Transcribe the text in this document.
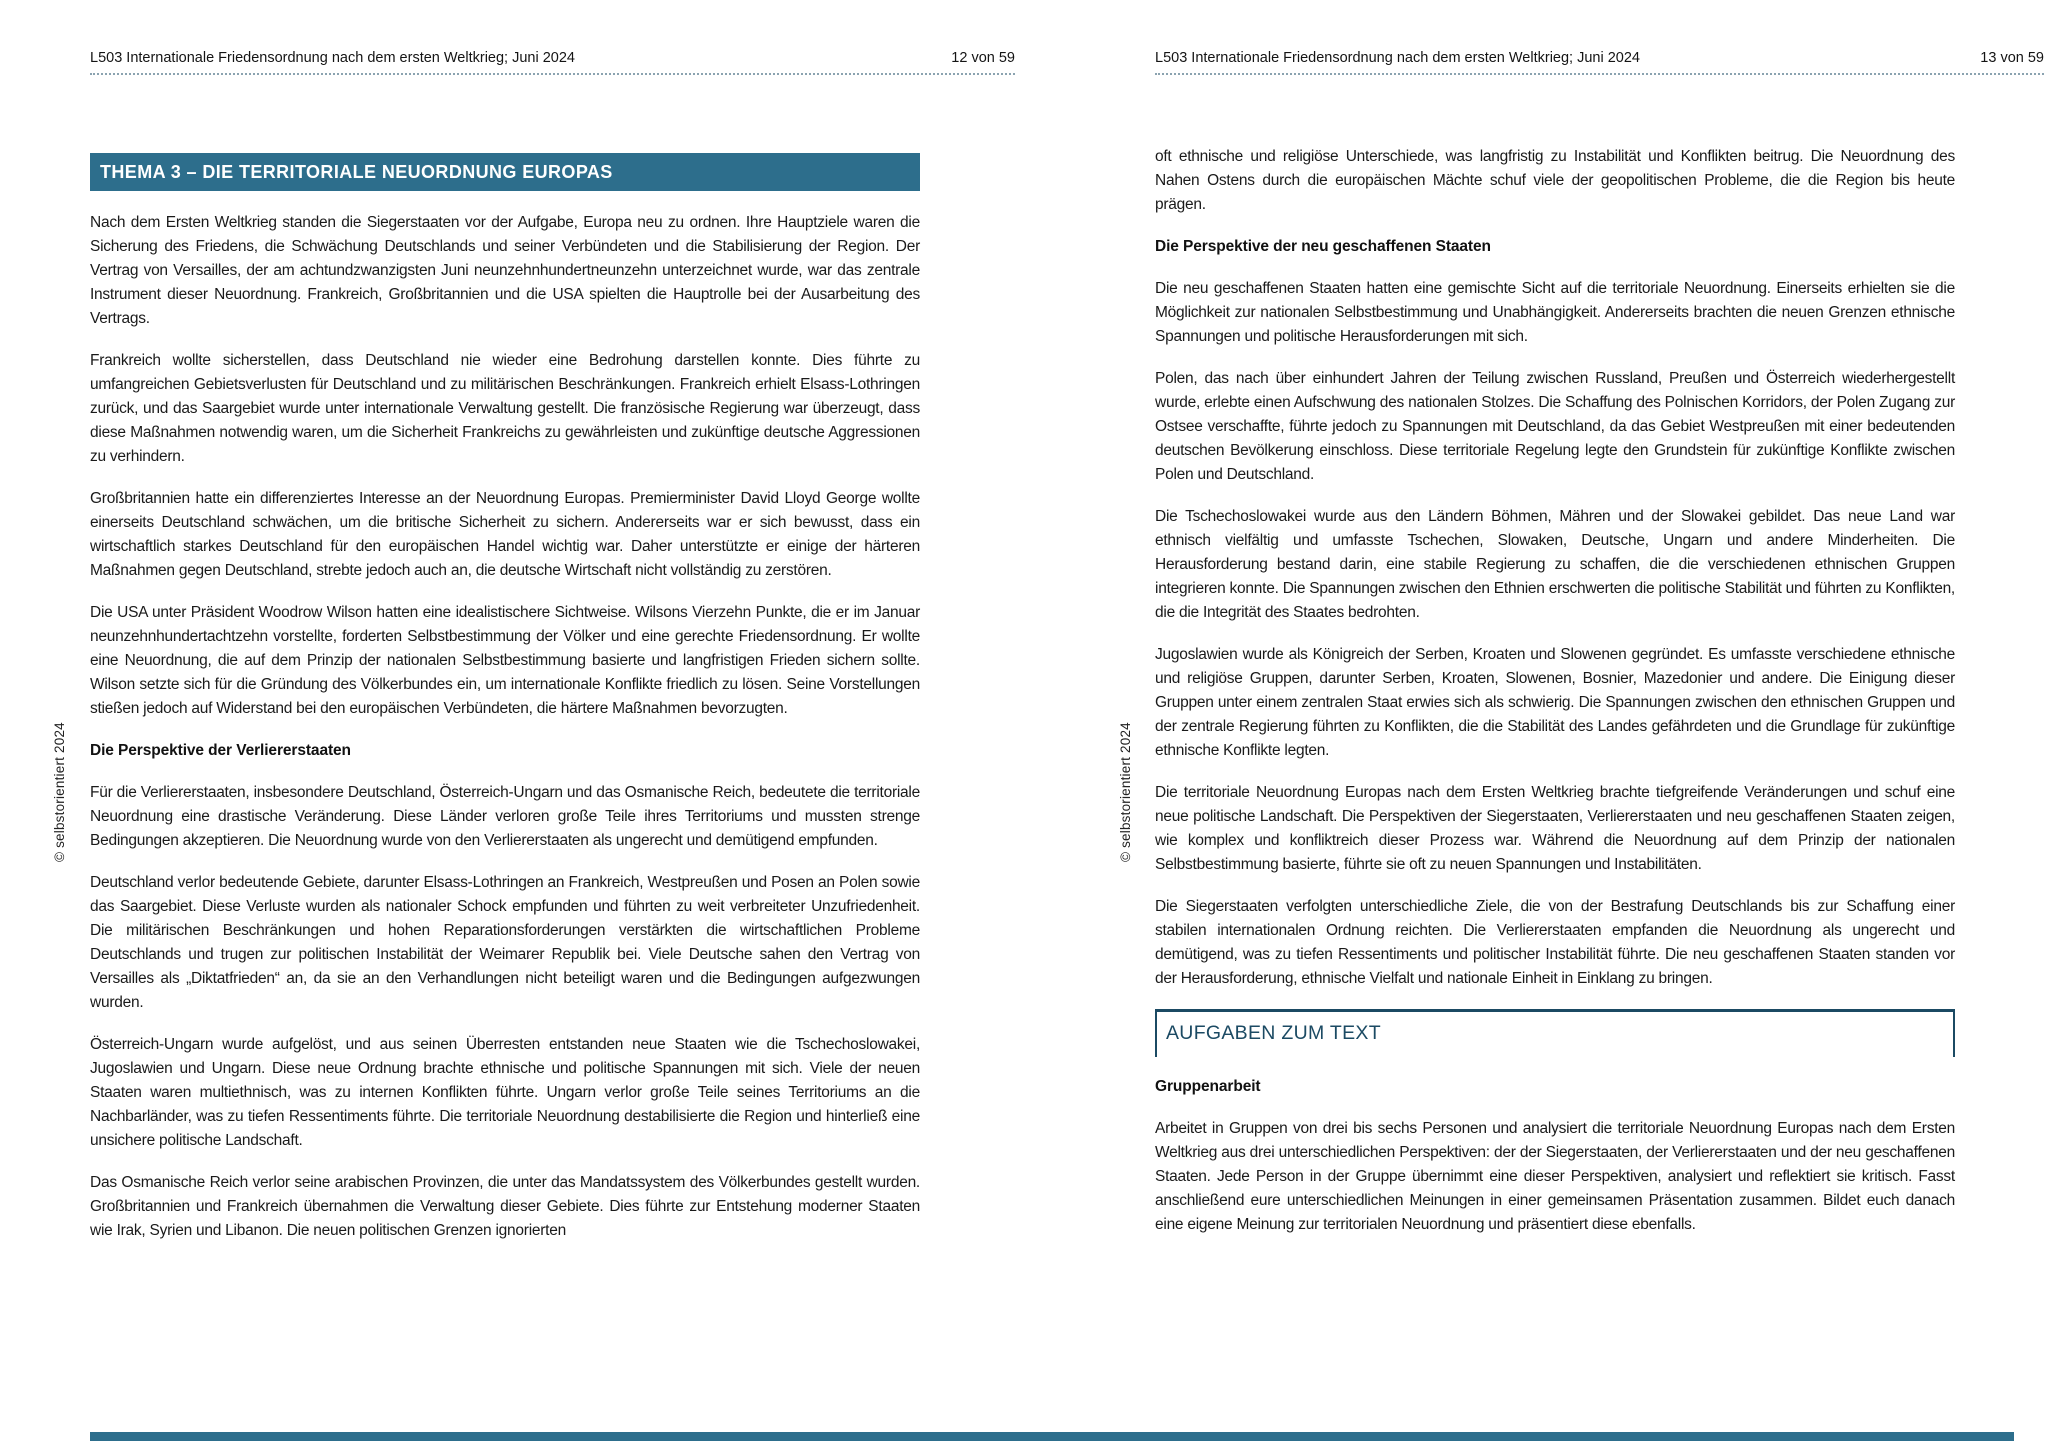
L503 Internationale Friedensordnung nach dem ersten Weltkrieg; Juni 2024	12 von 59
THEMA 3 – DIE TERRITORIALE NEUORDNUNG EUROPAS

Nach dem Ersten Weltkrieg standen die Siegerstaaten vor der Aufgabe, Europa neu zu ordnen. Ihre Hauptziele waren die Sicherung des Friedens, die Schwächung Deutschlands und seiner Verbündeten und die Stabilisierung der Region. Der Vertrag von Versailles, der am achtundzwanzigsten Juni neunzehnhundertneunzehn unterzeichnet wurde, war das zentrale Instrument dieser Neuordnung. Frankreich, Großbritannien und die USA spielten die Hauptrolle bei der Ausarbeitung des Vertrags.

Frankreich wollte sicherstellen, dass Deutschland nie wieder eine Bedrohung darstellen konnte. Dies führte zu umfangreichen Gebietsverlusten für Deutschland und zu militärischen Beschränkungen. Frankreich erhielt Elsass-Lothringen zurück, und das Saargebiet wurde unter internationale Verwaltung gestellt. Die französische Regierung war überzeugt, dass diese Maßnahmen notwendig waren, um die Sicherheit Frankreichs zu gewährleisten und zukünftige deutsche Aggressionen zu verhindern.

Großbritannien hatte ein differenziertes Interesse an der Neuordnung Europas. Premierminister David Lloyd George wollte einerseits Deutschland schwächen, um die britische Sicherheit zu sichern. Andererseits war er sich bewusst, dass ein wirtschaftlich starkes Deutschland für den europäischen Handel wichtig war. Daher unterstützte er einige der härteren Maßnahmen gegen Deutschland, strebte jedoch auch an, die deutsche Wirtschaft nicht vollständig zu zerstören.

Die USA unter Präsident Woodrow Wilson hatten eine idealistischere Sichtweise. Wilsons Vierzehn Punkte, die er im Januar neunzehnhundertachtzehn vorstellte, forderten Selbstbestimmung der Völker und eine gerechte Friedensordnung. Er wollte eine Neuordnung, die auf dem Prinzip der nationalen Selbstbestimmung basierte und langfristigen Frieden sichern sollte. Wilson setzte sich für die Gründung des Völkerbundes ein, um internationale Konflikte friedlich zu lösen. Seine Vorstellungen stießen jedoch auf Widerstand bei den europäischen Verbündeten, die härtere Maßnahmen bevorzugten.

Die Perspektive der Verliererstaaten

Für die Verliererstaaten, insbesondere Deutschland, Österreich-Ungarn und das Osmanische Reich, bedeutete die territoriale Neuordnung eine drastische Veränderung. Diese Länder verloren große Teile ihres Territoriums und mussten strenge Bedingungen akzeptieren. Die Neuordnung wurde von den Verliererstaaten als ungerecht und demütigend empfunden.

Deutschland verlor bedeutende Gebiete, darunter Elsass-Lothringen an Frankreich, Westpreußen und Posen an Polen sowie das Saargebiet. Diese Verluste wurden als nationaler Schock empfunden und führten zu weit verbreiteter Unzufriedenheit. Die militärischen Beschränkungen und hohen Reparationsforderungen verstärkten die wirtschaftlichen Probleme Deutschlands und trugen zur politischen Instabilität der Weimarer Republik bei. Viele Deutsche sahen den Vertrag von Versailles als „Diktatfrieden“ an, da sie an den Verhandlungen nicht beteiligt waren und die Bedingungen aufgezwungen wurden.

Österreich-Ungarn wurde aufgelöst, und aus seinen Überresten entstanden neue Staaten wie die Tschechoslowakei, Jugoslawien und Ungarn. Diese neue Ordnung brachte ethnische und politische Spannungen mit sich. Viele der neuen Staaten waren multiethnisch, was zu internen Konflikten führte. Ungarn verlor große Teile seines Territoriums an die Nachbarländer, was zu tiefen Ressentiments führte. Die territoriale Neuordnung destabilisierte die Region und hinterließ eine unsichere politische Landschaft.

Das Osmanische Reich verlor seine arabischen Provinzen, die unter das Mandatssystem des Völkerbundes gestellt wurden. Großbritannien und Frankreich übernahmen die Verwaltung dieser Gebiete. Dies führte zur Entstehung moderner Staaten wie Irak, Syrien und Libanon. Die neuen politischen Grenzen ignorierten

© selbstorientiert 2024
L503 Internationale Friedensordnung nach dem ersten Weltkrieg; Juni 2024	13 von 59

oft ethnische und religiöse Unterschiede, was langfristig zu Instabilität und Konflikten beitrug. Die Neuordnung des Nahen Ostens durch die europäischen Mächte schuf viele der geopolitischen Probleme, die die Region bis heute prägen.

Die Perspektive der neu geschaffenen Staaten

Die neu geschaffenen Staaten hatten eine gemischte Sicht auf die territoriale Neuordnung. Einerseits erhielten sie die Möglichkeit zur nationalen Selbstbestimmung und Unabhängigkeit. Andererseits brachten die neuen Grenzen ethnische Spannungen und politische Herausforderungen mit sich.

Polen, das nach über einhundert Jahren der Teilung zwischen Russland, Preußen und Österreich wiederhergestellt wurde, erlebte einen Aufschwung des nationalen Stolzes. Die Schaffung des Polnischen Korridors, der Polen Zugang zur Ostsee verschaffte, führte jedoch zu Spannungen mit Deutschland, da das Gebiet Westpreußen mit einer bedeutenden deutschen Bevölkerung einschloss. Diese territoriale Regelung legte den Grundstein für zukünftige Konflikte zwischen Polen und Deutschland.

Die Tschechoslowakei wurde aus den Ländern Böhmen, Mähren und der Slowakei gebildet. Das neue Land war ethnisch vielfältig und umfasste Tschechen, Slowaken, Deutsche, Ungarn und andere Minderheiten. Die Herausforderung bestand darin, eine stabile Regierung zu schaffen, die die verschiedenen ethnischen Gruppen integrieren konnte. Die Spannungen zwischen den Ethnien erschwerten die politische Stabilität und führten zu Konflikten, die die Integrität des Staates bedrohten.

Jugoslawien wurde als Königreich der Serben, Kroaten und Slowenen gegründet. Es umfasste verschiedene ethnische und religiöse Gruppen, darunter Serben, Kroaten, Slowenen, Bosnier, Mazedonier und andere. Die Einigung dieser Gruppen unter einem zentralen Staat erwies sich als schwierig. Die Spannungen zwischen den ethnischen Gruppen und der zentrale Regierung führten zu Konflikten, die die Stabilität des Landes gefährdeten und die Grundlage für zukünftige ethnische Konflikte legten.

Die territoriale Neuordnung Europas nach dem Ersten Weltkrieg brachte tiefgreifende Veränderungen und schuf eine neue politische Landschaft. Die Perspektiven der Siegerstaaten, Verliererstaaten und neu geschaffenen Staaten zeigen, wie komplex und konfliktreich dieser Prozess war. Während die Neuordnung auf dem Prinzip der nationalen Selbstbestimmung basierte, führte sie oft zu neuen Spannungen und Instabilitäten.

Die Siegerstaaten verfolgten unterschiedliche Ziele, die von der Bestrafung Deutschlands bis zur Schaffung einer stabilen internationalen Ordnung reichten. Die Verliererstaaten empfanden die Neuordnung als ungerecht und demütigend, was zu tiefen Ressentiments und politischer Instabilität führte. Die neu geschaffenen Staaten standen vor der Herausforderung, ethnische Vielfalt und nationale Einheit in Einklang zu bringen.

AUFGABEN ZUM TEXT
Gruppenarbeit

Arbeitet in Gruppen von drei bis sechs Personen und analysiert die territoriale Neuordnung Europas nach dem Ersten Weltkrieg aus drei unterschiedlichen Perspektiven: der der Siegerstaaten, der Verliererstaaten und der neu geschaffenen Staaten. Jede Person in der Gruppe übernimmt eine dieser Perspektiven, analysiert und reflektiert sie kritisch. Fasst anschließend eure unterschiedlichen Meinungen in einer gemeinsamen Präsentation zusammen. Bildet euch danach eine eigene Meinung zur territorialen Neuordnung und präsentiert diese ebenfalls.

© selbstorientiert 2024
